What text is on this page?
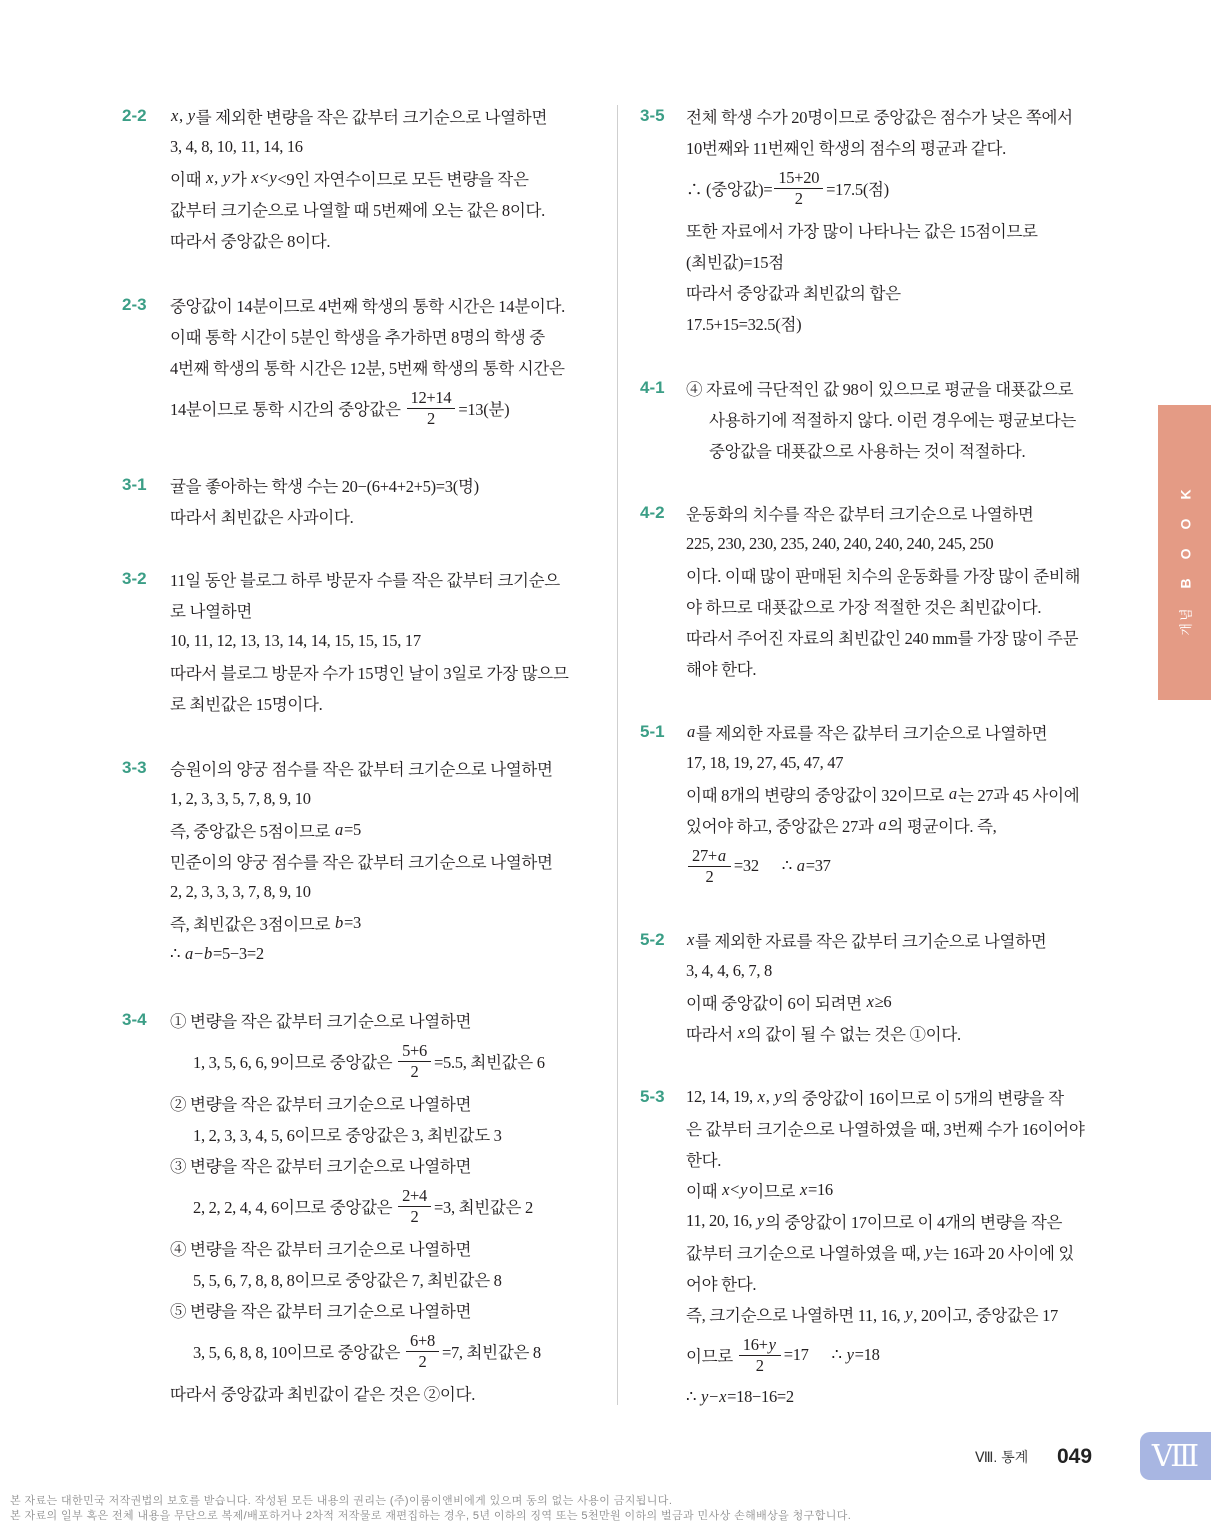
2-2 x , y 를 제외한 변량을 작은 값부터 크기순으로 나열하면
3, 4, 8, 10, 11, 14, 16
이때 x , y 가 x < y <9인 자연수이므로 모든 변량을 작은
값부터 크기순으로 나열할 때 5번째에 오는 값은 8이다.
따라서 중앙값은 8이다.
2-3 중앙값이 14분이므로 4번째 학생의 통학 시간은 14분이다.
이때 통학 시간이 5분인 학생을 추가하면 8명의 학생 중
4번째 학생의 통학 시간은 12분, 5번째 학생의 통학 시간은
14분이므로 통학 시간의 중앙값은 $\frac{12+14}{2} =13$(분)
3-1 귤을 좋아하는 학생 수는 20−(6+4+2+5)=3(명)
따라서 최빈값은 사과이다.
3-2 11일 동안 블로그 하루 방문자 수를 작은 값부터 크기순으
로 나열하면
10, 11, 12, 13, 13, 14, 14, 15, 15, 15, 17
따라서 블로그 방문자 수가 15명인 날이 3일로 가장 많으므
로 최빈값은 15명이다.
3-3 승원이의 양궁 점수를 작은 값부터 크기순으로 나열하면
1, 2, 3, 3, 5, 7, 8, 9, 10
즉, 중앙값은 5점이므로 a =5
민준이의 양궁 점수를 작은 값부터 크기순으로 나열하면
2, 2, 3, 3, 3, 7, 8, 9, 10
즉, 최빈값은 3점이므로 b =3
∴ a − b =5−3=2
3-4 ① 변량을 작은 값부터 크기순으로 나열하면
1, 3, 5, 6, 6, 9이므로 중앙값은 $\frac{5+6}{2} =5.5$, 최빈값은 6
② 변량을 작은 값부터 크기순으로 나열하면
1, 2, 3, 3, 4, 5, 6이므로 중앙값은 3, 최빈값도 3
③ 변량을 작은 값부터 크기순으로 나열하면
2, 2, 2, 4, 4, 6이므로 중앙값은 $\frac{2+4}{2} =3$, 최빈값은 2
④ 변량을 작은 값부터 크기순으로 나열하면
5, 5, 6, 7, 8, 8, 8이므로 중앙값은 7, 최빈값은 8
⑤ 변량을 작은 값부터 크기순으로 나열하면
3, 5, 6, 8, 8, 10이므로 중앙값은 $\frac{6+8}{2} =7$, 최빈값은 8
따라서 중앙값과 최빈값이 같은 것은 ②이다.
3-5 전체 학생 수가 20명이므로 중앙값은 점수가 낮은 쪽에서
10번째와 11번째인 학생의 점수의 평균과 같다.
∴ (중앙값)= $\frac{15+20}{2} =17.5$(점)
또한 자료에서 가장 많이 나타나는 값은 15점이므로
(최빈값)=15점
따라서 중앙값과 최빈값의 합은
17.5+15=32.5(점)
4-1 ④ 자료에 극단적인 값 98이 있으므로 평균을 대푯값으로
사용하기에 적절하지 않다. 이런 경우에는 평균보다는
중앙값을 대푯값으로 사용하는 것이 적절하다.
4-2 운동화의 치수를 작은 값부터 크기순으로 나열하면
225, 230, 230, 235, 240, 240, 240, 240, 245, 250
이다. 이때 많이 판매된 치수의 운동화를 가장 많이 준비해
야 하므로 대푯값으로 가장 적절한 것은 최빈값이다.
따라서 주어진 자료의 최빈값인 240 mm를 가장 많이 주문
해야 한다.
5-1 a 를 제외한 자료를 작은 값부터 크기순으로 나열하면
17, 18, 19, 27, 45, 47, 47
이때 8개의 변량의 중앙값이 32이므로 a 는 27과 45 사이에
있어야 하고, 중앙값은 27과 a 의 평균이다. 즉,
$\frac{27+a}{2} =32$      ∴ a =37
5-2 x 를 제외한 자료를 작은 값부터 크기순으로 나열하면
3, 4, 4, 6, 7, 8
이때 중앙값이 6이 되려면 x ≥6
따라서 x 의 값이 될 수 없는 것은 ①이다.
5-3 12, 14, 19, x , y 의 중앙값이 16이므로 이 5개의 변량을 작
은 값부터 크기순으로 나열하였을 때, 3번째 수가 16이어야
한다.
이때 x < y 이므로 x =16
11, 20, 16, y 의 중앙값이 17이므로 이 4개의 변량을 작은
값부터 크기순으로 나열하였을 때, y 는 16과 20 사이에 있
어야 한다.
즉, 크기순으로 나열하면 11, 16, y , 20이고, 중앙값은 17
이므로 $\frac{16+y}{2} =17$      ∴ y =18
∴ y − x =18−16=2
개념
BOOK
Ⅷ. 통계 049 Ⅷ
본 자료는 대한민국 저작권법의 보호를 받습니다. 작성된 모든 내용의 권리는 (주)이룸이앤비에게 있으며 동의 없는 사용이 금지됩니다.
본 자료의 일부 혹은 전체 내용을 무단으로 복제/배포하거나 2차적 저작물로 재편집하는 경우, 5년 이하의 징역 또는 5천만원 이하의 벌금과 민사상 손해배상을 청구합니다.
